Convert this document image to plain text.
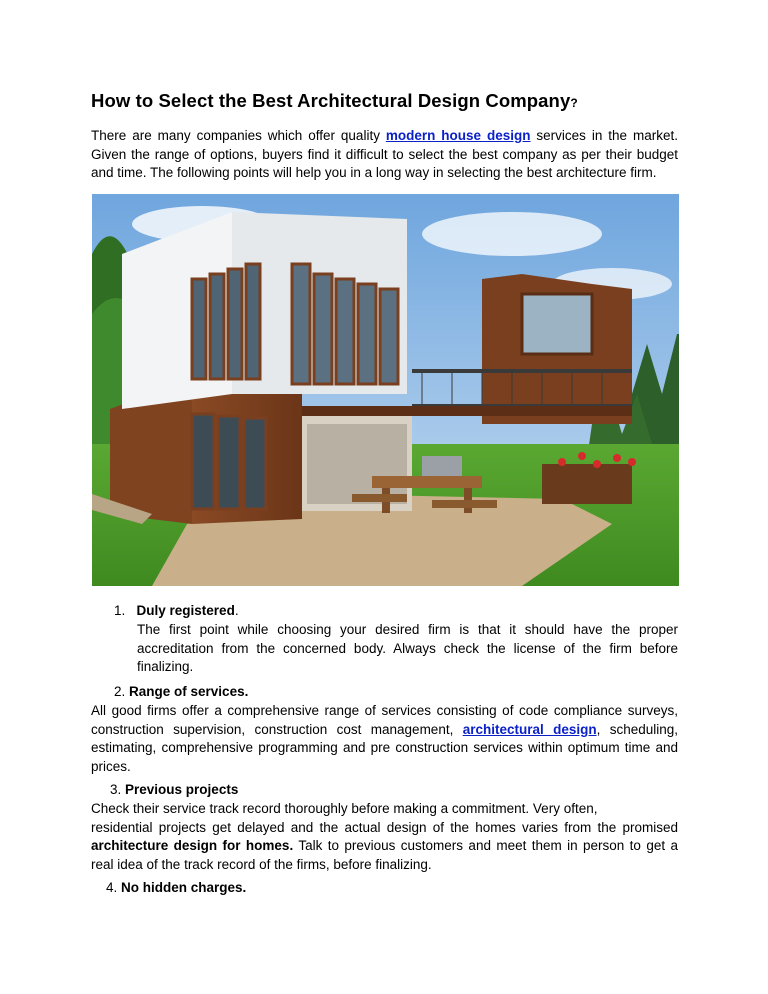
How to Select the Best Architectural Design Company?

There are many companies which offer quality modern house design services in the market. Given the range of options, buyers find it difficult to select the best company as per their budget and time. The following points will help you in a long way in selecting the best architecture firm.

1. Duly registered.

The first point while choosing your desired firm is that it should have the proper accreditation from the concerned body. Always check the license of the firm before finalizing.

2. Range of services.

All good firms offer a comprehensive range of services consisting of code compliance surveys, construction supervision, construction cost management, architectural design, scheduling, estimating, comprehensive programming and pre construction services within optimum time and prices.

3. Previous projects

Check their service track record thoroughly before making a commitment. Very often,
residential projects get delayed and the actual design of the homes varies from the promised architecture design for homes. Talk to previous customers and meet them in person to get a real idea of the track record of the firms, before finalizing.

4. No hidden charges.
